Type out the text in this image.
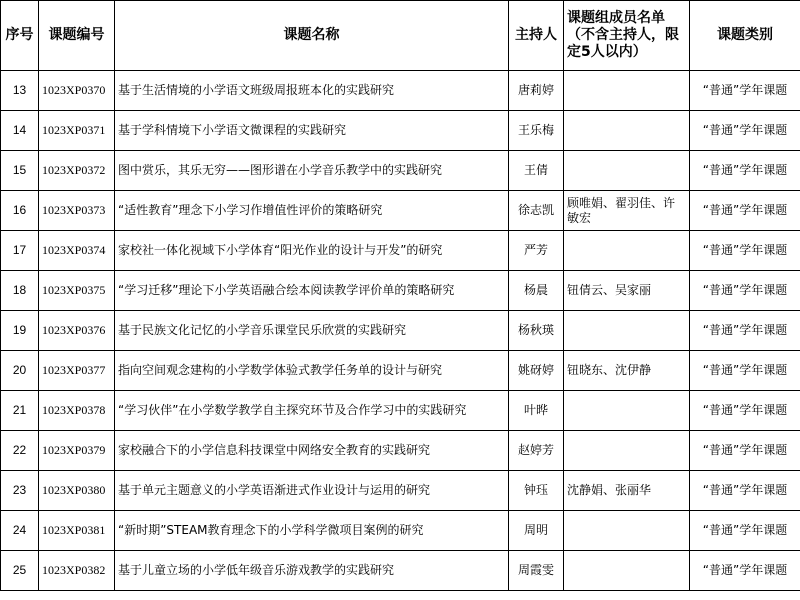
序号	课题编号	课题名称	主持人	课题组成员名单（不含主持人，限定5人以内）	课题类别
13	1023XP0370	基于生活情境的小学语文班级周报班本化的实践研究	唐莉婷		“普通”学年课题
14	1023XP0371	基于学科情境下小学语文微课程的实践研究	王乐梅		“普通”学年课题
15	1023XP0372	图中赏乐，其乐无穷——图形谱在小学音乐教学中的实践研究	王倩		“普通”学年课题
16	1023XP0373	“适性教育”理念下小学习作增值性评价的策略研究	徐志凯	顾唯娟、翟羽佳、许敏宏	“普通”学年课题
17	1023XP0374	家校社一体化视域下小学体育“阳光作业的设计与开发”的研究	严芳		“普通”学年课题
18	1023XP0375	“学习迁移”理论下小学英语融合绘本阅读教学评价单的策略研究	杨晨	钮倩云、吴家丽	“普通”学年课题
19	1023XP0376	基于民族文化记忆的小学音乐课堂民乐欣赏的实践研究	杨秋瑛		“普通”学年课题
20	1023XP0377	指向空间观念建构的小学数学体验式教学任务单的设计与研究	姚砑婷	钮晓东、沈伊静	“普通”学年课题
21	1023XP0378	“学习伙伴”在小学数学教学自主探究环节及合作学习中的实践研究	叶晔		“普通”学年课题
22	1023XP0379	家校融合下的小学信息科技课堂中网络安全教育的实践研究	赵婷芳		“普通”学年课题
23	1023XP0380	基于单元主题意义的小学英语渐进式作业设计与运用的研究	钟珏	沈静娟、张丽华	“普通”学年课题
24	1023XP0381	“新时期”STEAM教育理念下的小学科学微项目案例的研究	周明		“普通”学年课题
25	1023XP0382	基于儿童立场的小学低年级音乐游戏教学的实践研究	周霞雯		“普通”学年课题
